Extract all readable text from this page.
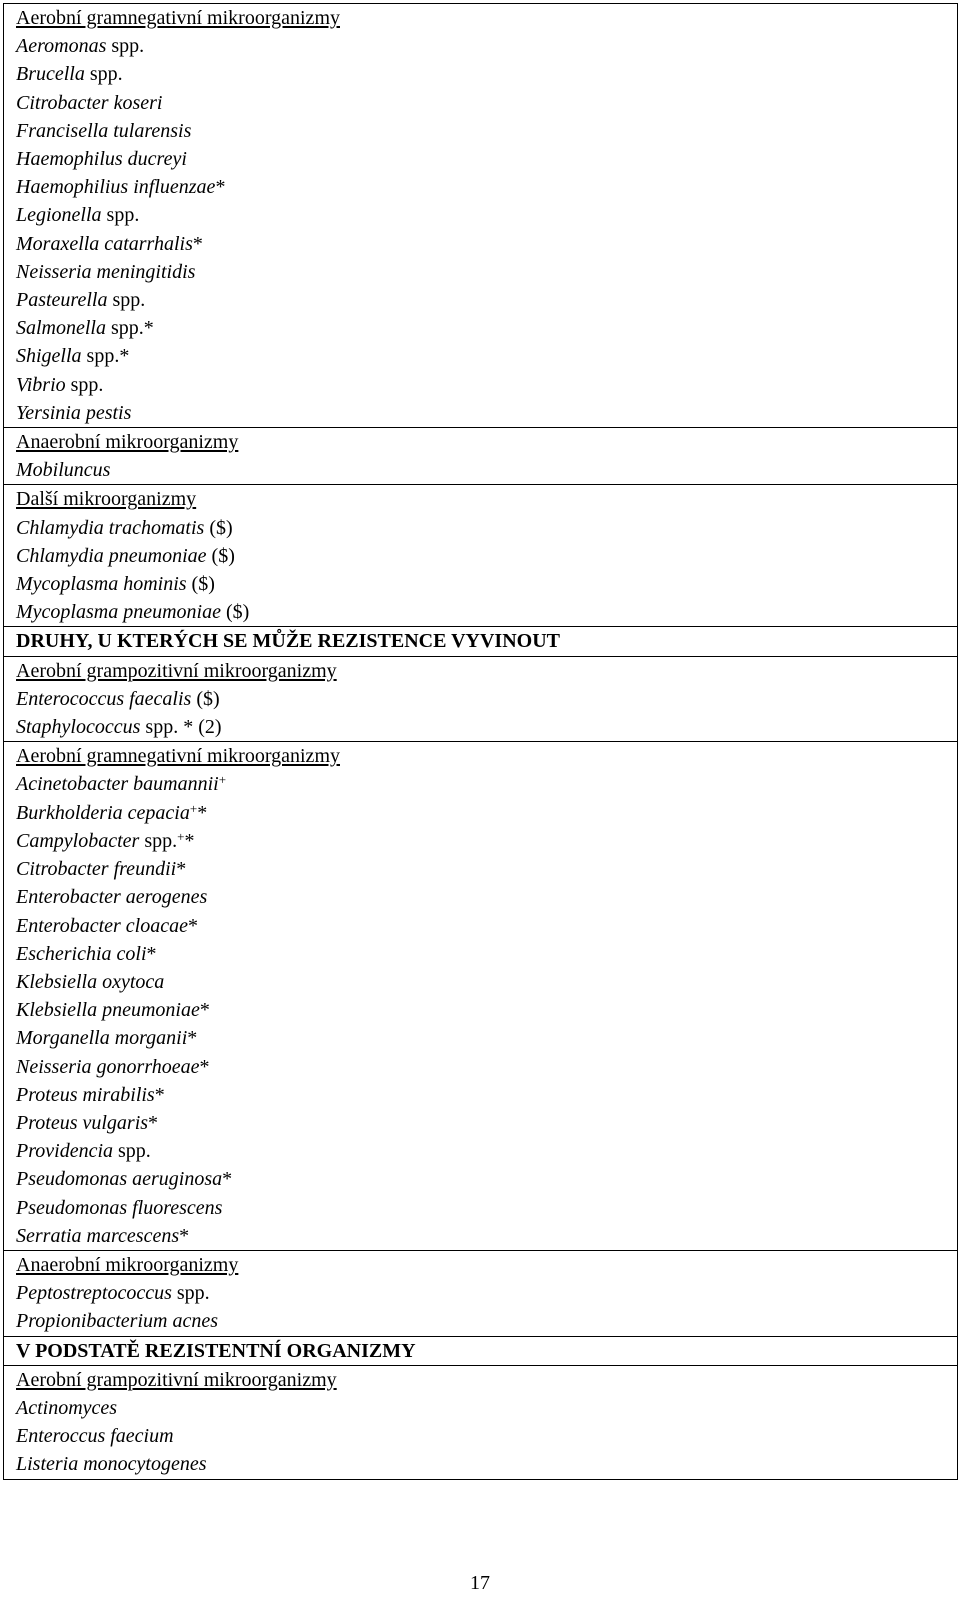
Aerobní gramnegativní mikroorganizmy
Aeromonas spp.
Brucella spp.
Citrobacter koseri
Francisella tularensis
Haemophilus ducreyi
Haemophilius influenzae*
Legionella spp.
Moraxella catarrhalis*
Neisseria meningitidis
Pasteurella spp.
Salmonella spp.*
Shigella spp.*
Vibrio spp.
Yersinia pestis
Anaerobní mikroorganizmy
Mobiluncus
Další mikroorganizmy
Chlamydia trachomatis ($)
Chlamydia pneumoniae ($)
Mycoplasma hominis ($)
Mycoplasma pneumoniae ($)
DRUHY, U KTERÝCH SE MŮŽE REZISTENCE VYVINOUT
Aerobní grampozitivní mikroorganizmy
Enterococcus faecalis ($)
Staphylococcus spp. * (2)
Aerobní gramnegativní mikroorganizmy
Acinetobacter baumannii+
Burkholderia cepacia+*
Campylobacter spp.+*
Citrobacter freundii*
Enterobacter aerogenes
Enterobacter cloacae*
Escherichia coli*
Klebsiella oxytoca
Klebsiella pneumoniae*
Morganella morganii*
Neisseria gonorrhoeae*
Proteus mirabilis*
Proteus vulgaris*
Providencia spp.
Pseudomonas aeruginosa*
Pseudomonas fluorescens
Serratia marcescens*
Anaerobní mikroorganizmy
Peptostreptococcus spp.
Propionibacterium acnes
V PODSTATĚ REZISTENTNÍ ORGANIZMY
Aerobní grampozitivní mikroorganizmy
Actinomyces
Enteroccus faecium
Listeria monocytogenes
17
